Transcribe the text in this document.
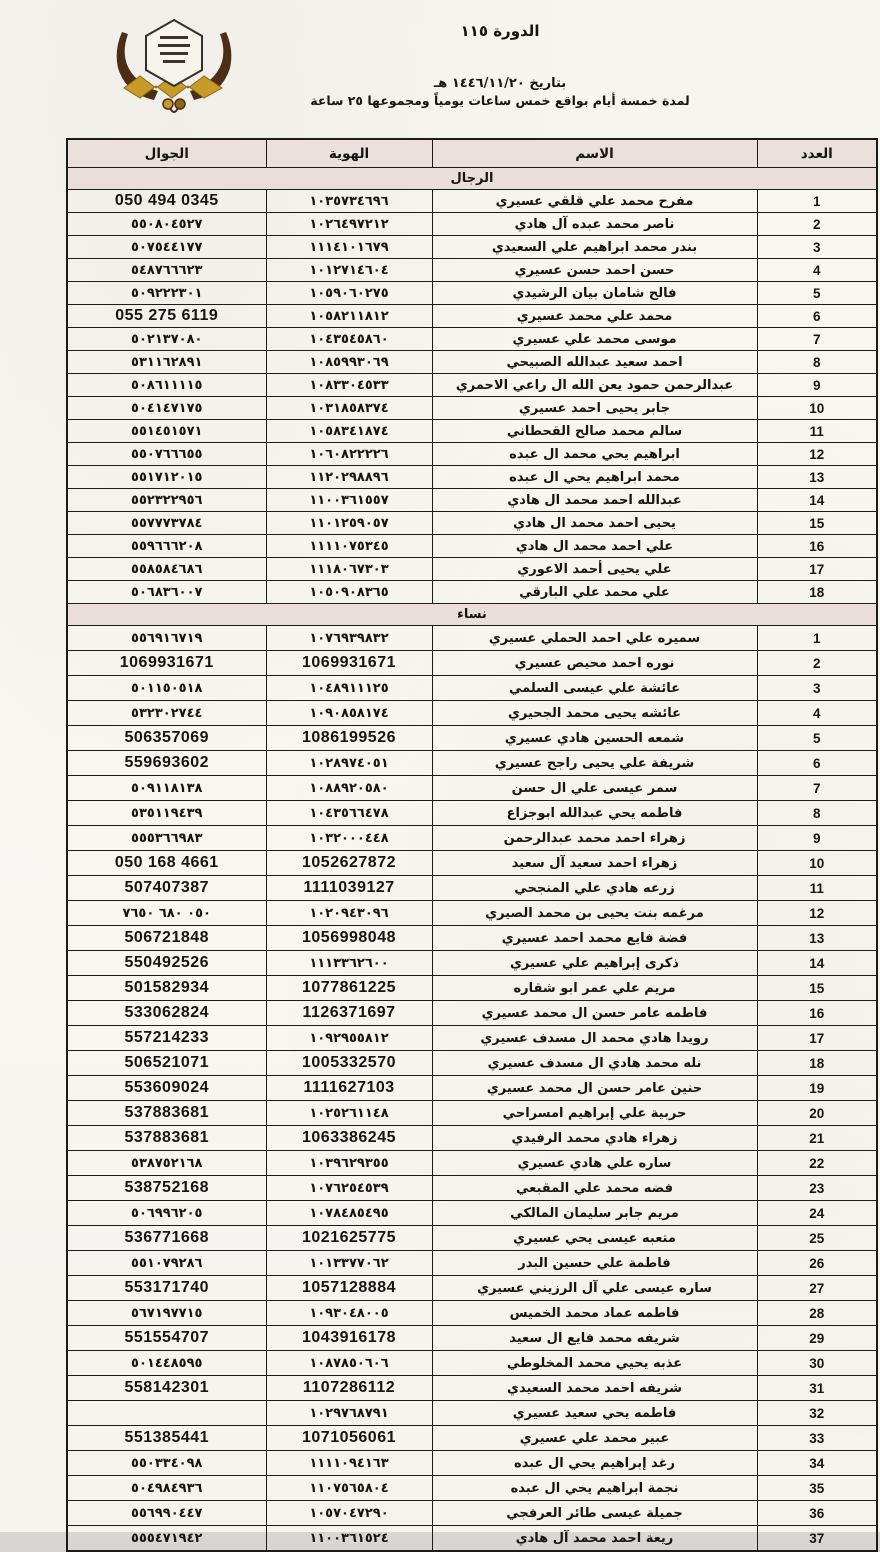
الدورة ١١٥
بتاريخ ١٤٤٦/١١/٢٠ هـ
لمدة خمسة أيام بواقع خمس ساعات يومياً ومجموعها ٢٥ ساعة
العدد	الاسم	الهوية	الجوال
الرجال			
1	مفرح محمد علي قلقي عسيري	١٠٣٥٧٣٤٦٩٦	050 494 0345
2	ناصر محمد عبده آل هادي	١٠٢٦٤٩٧٢١٢	٥٥٠٨٠٤٥٢٧
3	بندر محمد ابراهيم علي السعيدي	١١١٤١٠١٦٧٩	٥٠٧٥٤٤١٧٧
4	حسن احمد حسن عسيري	١٠١٢٧١٤٦٠٤	٥٤٨٧٦٦٦٢٣
5	فالح شامان بيان الرشيدي	١٠٥٩٠٦٠٢٧٥	٥٠٩٢٢٢٣٠١
6	محمد علي محمد عسيري	١٠٥٨٢١١٨١٢	055 275 6119
7	موسى محمد علي عسيري	١٠٤٣٥٤٥٨٦٠	٥٠٢١٣٧٠٨٠
8	احمد سعيد عبدالله الصبيحي	١٠٨٥٩٩٣٠٦٩	٥٣١١٦٢٨٩١
9	عبدالرحمن حمود يعن الله ال راعي الاحمري	١٠٨٣٣٠٤٥٣٣	٥٠٨٦١١١١٥
10	جابر يحيى احمد عسيري	١٠٣١٨٥٨٣٧٤	٥٠٤١٤٧١٧٥
11	سالم محمد صالح القحطاني	١٠٥٨٣٤١٨٧٤	٥٥١٤٥١٥٧١
12	ابراهيم يحي محمد ال عبده	١٠٦٠٨٢٢٢٢٦	٥٥٠٧٦٦٦٥٥
13	محمد ابراهيم يحي ال عبده	١١٢٠٢٩٨٨٩٦	٥٥١٧١٢٠١٥
14	عبدالله احمد محمد ال هادي	١١٠٠٣٦١٥٥٧	٥٥٢٣٢٢٩٥٦
15	يحيى احمد محمد ال هادي	١١٠١٢٥٩٠٥٧	٥٥٧٧٧٣٧٨٤
16	علي احمد محمد ال هادي	١١١١٠٧٥٣٤٥	٥٥٩٦٦٦٢٠٨
17	علي يحيى أحمد الاعوري	١١١٨٠٦٧٣٠٣	٥٥٨٥٨٤٦٨٦
18	علي محمد علي البارقي	١٠٥٠٩٠٨٣٦٥	٥٠٦٨٣٦٠٠٧
نساء			
1	سميره علي احمد الحملي عسيري	١٠٧٦٩٣٩٨٣٢	٥٥٦٩١٦٧١٩
2	نوره احمد محيص عسيري	1069931671	1069931671
3	عائشة علي عيسى السلمي	١٠٤٨٩١١١٢٥	٥٠١١٥٠٥١٨
4	عائشه يحيى محمد الجحيري	١٠٩٠٨٥٨١٧٤	٥٣٢٣٠٢٧٤٤
5	شمعه الحسين هادي عسيري	1086199526	506357069
6	شريفة علي يحيى راجح عسيري	١٠٢٨٩٧٤٠٥١	559693602
7	سمر عيسى علي ال حسن	١٠٨٨٩٢٠٥٨٠	٥٠٩١١٨١٣٨
8	فاطمه يحي عبدالله ابوجزاع	١٠٤٣٥٦٦٤٧٨	٥٣٥١١٩٤٣٩
9	زهراء احمد محمد عبدالرحمن	١٠٣٢٠٠٠٤٤٨	٥٥٥٣٦٦٩٨٣
10	زهراء احمد سعيد آل سعيد	1052627872	050 168 4661
11	زرعه هادي علي المنجحي	1111039127	507407387
12	مرغمه بنت يحيى بن محمد الصيري	١٠٢٠٩٤٣٠٩٦	٠٥٠ ٦٨٠ ٧٦٥٠
13	فضة فايع محمد احمد عسيري	1056998048	506721848
14	ذكرى إبراهيم علي عسيري	١١١٣٣٦٢٦٠٠	550492526
15	مريم علي عمر ابو شقاره	1077861225	501582934
16	فاطمه عامر حسن ال محمد عسيري	1126371697	533062824
17	رويدا هادي محمد ال مسدف عسيري	١٠٩٢٩٥٥٨١٢	557214233
18	نله محمد هادي ال مسدف عسيري	1005332570	506521071
19	حنين عامر حسن ال محمد عسيري	1111627103	553609024
20	حربية علي إبراهيم امسراحي	١٠٢٥٢٦١١٤٨	537883681
21	زهراء هادي محمد الرفيدي	1063386245	537883681
22	ساره علي هادي عسيري	١٠٣٩٦٢٩٣٥٥	٥٣٨٧٥٢١٦٨
23	فضه محمد علي المقبعي	١٠٧٦٢٥٤٥٣٩	538752168
24	مريم جابر سليمان المالكي	١٠٧٨٤٨٥٤٩٥	٥٠٦٩٩٦٢٠٥
25	متعبه عيسى يحي عسيري	1021625775	536771668
26	فاطمة علي حسين البدر	١٠١٣٣٧٧٠٦٢	٥٥١٠٧٩٢٨٦
27	ساره عيسى علي آل الرزيني عسيري	1057128884	553171740
28	فاطمه عماد محمد الخميس	١٠٩٣٠٤٨٠٠٥	٥٦٧١٩٧٧١٥
29	شريفه محمد فايع ال سعيد	1043916178	551554707
30	عذبه يحيي محمد المخلوطي	١٠٨٧٨٥٠٦٠٦	٥٠١٤٤٨٥٩٥
31	شريفه احمد محمد السعيدي	1107286112	558142301
32	فاطمه يحي سعيد عسيري	١٠٢٩٧٦٨٧٩١	
33	عبير محمد علي عسيري	1071056061	551385441
34	رغد إبراهيم يحي ال عبده	١١١١٠٩٤١٦٣	٥٥٠٣٣٤٠٩٨
35	نجمة ابراهيم يحي ال عبده	١١٠٧٥٦٥٨٠٤	٥٠٤٩٨٤٩٣٦
36	جميلة عيسى طائر العرفجي	١٠٥٧٠٤٧٢٩٠	٥٥٦٩٩٠٤٤٧
37	ريعة احمد محمد آل هادي	١١٠٠٣٦١٥٢٤	٥٥٥٤٧١٩٤٢
